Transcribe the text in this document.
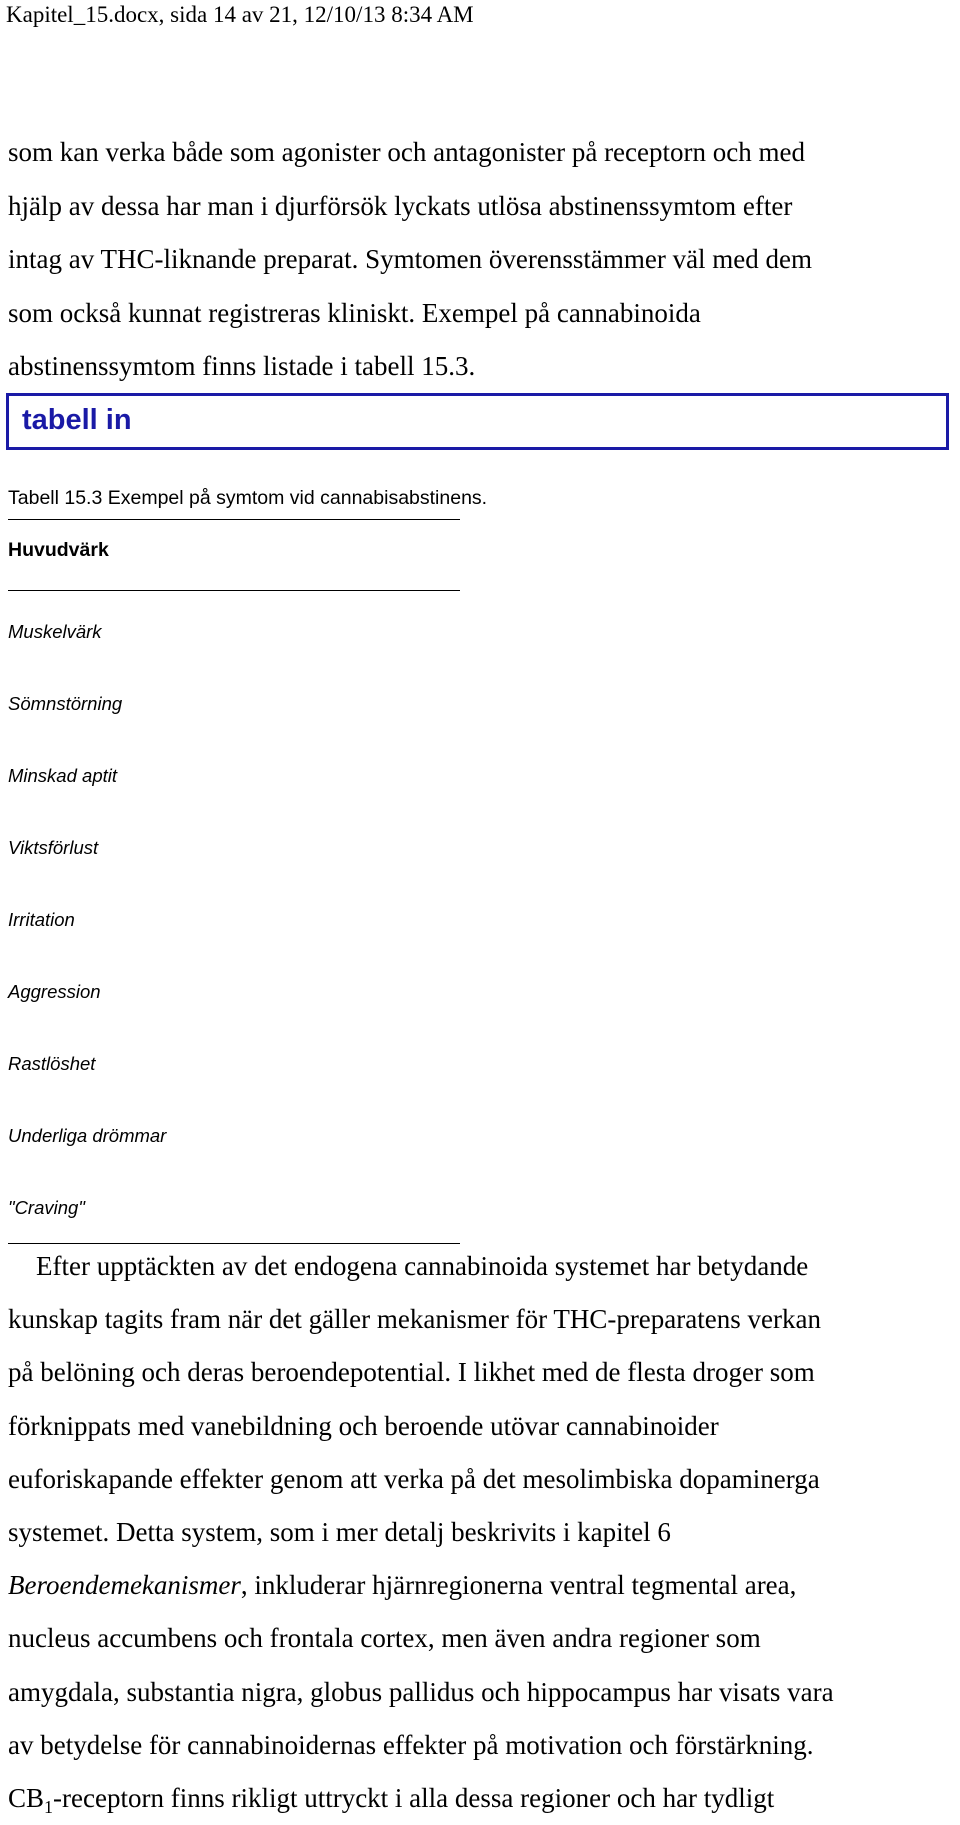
Kapitel_15.docx, sida 14 av 21, 12/10/13 8:34 AM

som kan verka både som agonister och antagonister på receptorn och med
hjälp av dessa har man i djurförsök lyckats utlösa abstinenssymtom efter
intag av THC-liknande preparat. Symtomen överensstämmer väl med dem
som också kunnat registreras kliniskt. Exempel på cannabinoida
abstinenssymtom finns listade i tabell 15.3.

tabell in
Tabell 15.3 Exempel på symtom vid cannabisabstinens.
Huvudvärk
Muskelvärk
Sömnstörning
Minskad aptit
Viktsförlust
Irritation
Aggression
Rastlöshet
Underliga drömmar
"Craving"

Efter upptäckten av det endogena cannabinoida systemet har betydande
kunskap tagits fram när det gäller mekanismer för THC-preparatens verkan
på belöning och deras beroendepotential. I likhet med de flesta droger som
förknippats med vanebildning och beroende utövar cannabinoider
euforiskapande effekter genom att verka på det mesolimbiska dopaminerga
systemet. Detta system, som i mer detalj beskrivits i kapitel 6
Beroendemekanismer, inkluderar hjärnregionerna ventral tegmental area,
nucleus accumbens och frontala cortex, men även andra regioner som
amygdala, substantia nigra, globus pallidus och hippocampus har visats vara
av betydelse för cannabinoidernas effekter på motivation och förstärkning.
$CB_1$-receptorn finns rikligt uttryckt i alla dessa regioner och har tydligt
